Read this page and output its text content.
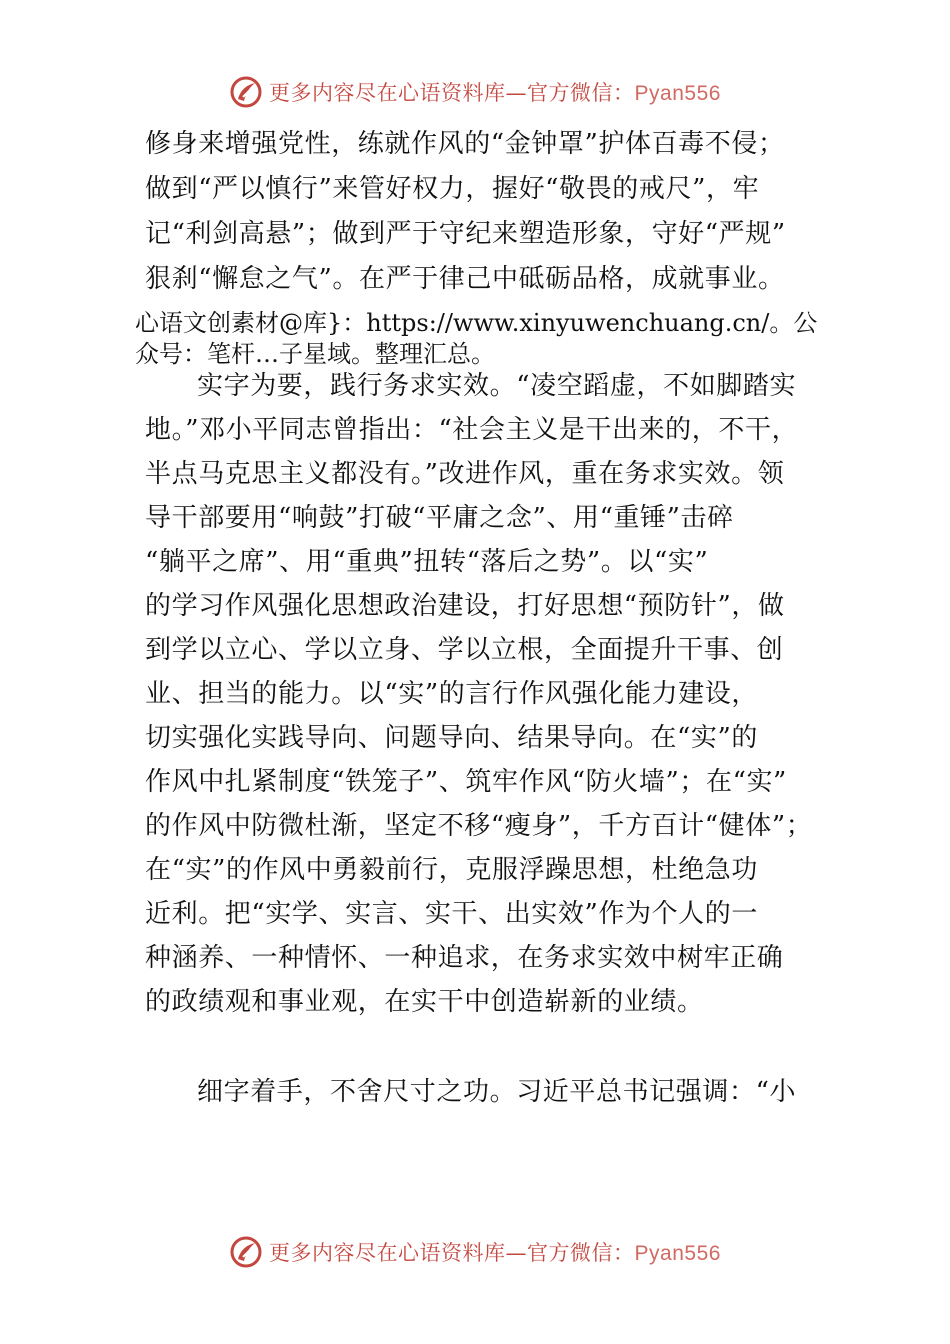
更多内容尽在心语资料库—官方微信：Pyan556
修身来增强党性，练就作风的“金钟罩”护体百毒不侵；
做到“严以慎行”来管好权力，握好“敬畏的戒尺”，牢
记“利剑高悬”；做到严于守纪来塑造形象，守好“严规”
狠刹“懈怠之气”。在严于律己中砥砺品格，成就事业。
心语文创素材@库}：https://www.xinyuwenchuang.cn/。公
众号：笔杆…子星域。整理汇总。
实字为要，践行务求实效。“凌空蹈虚，不如脚踏实
地。”邓小平同志曾指出：“社会主义是干出来的，不干，
半点马克思主义都没有。”改进作风，重在务求实效。领
导干部要用“响鼓”打破“平庸之念”、用“重锤”击碎
“躺平之席”、用“重典”扭转“落后之势”。以“实”
的学习作风强化思想政治建设，打好思想“预防针”，做
到学以立心、学以立身、学以立根，全面提升干事、创
业、担当的能力。以“实”的言行作风强化能力建设，
切实强化实践导向、问题导向、结果导向。在“实”的
作风中扎紧制度“铁笼子”、筑牢作风“防火墙”；在“实”
的作风中防微杜渐，坚定不移“瘦身”，千方百计“健体”；
在“实”的作风中勇毅前行，克服浮躁思想，杜绝急功
近利。把“实学、实言、实干、出实效”作为个人的一
种涵养、一种情怀、一种追求，在务求实效中树牢正确
的政绩观和事业观，在实干中创造崭新的业绩。
细字着手，不舍尺寸之功。习近平总书记强调：“小
更多内容尽在心语资料库—官方微信：Pyan556
